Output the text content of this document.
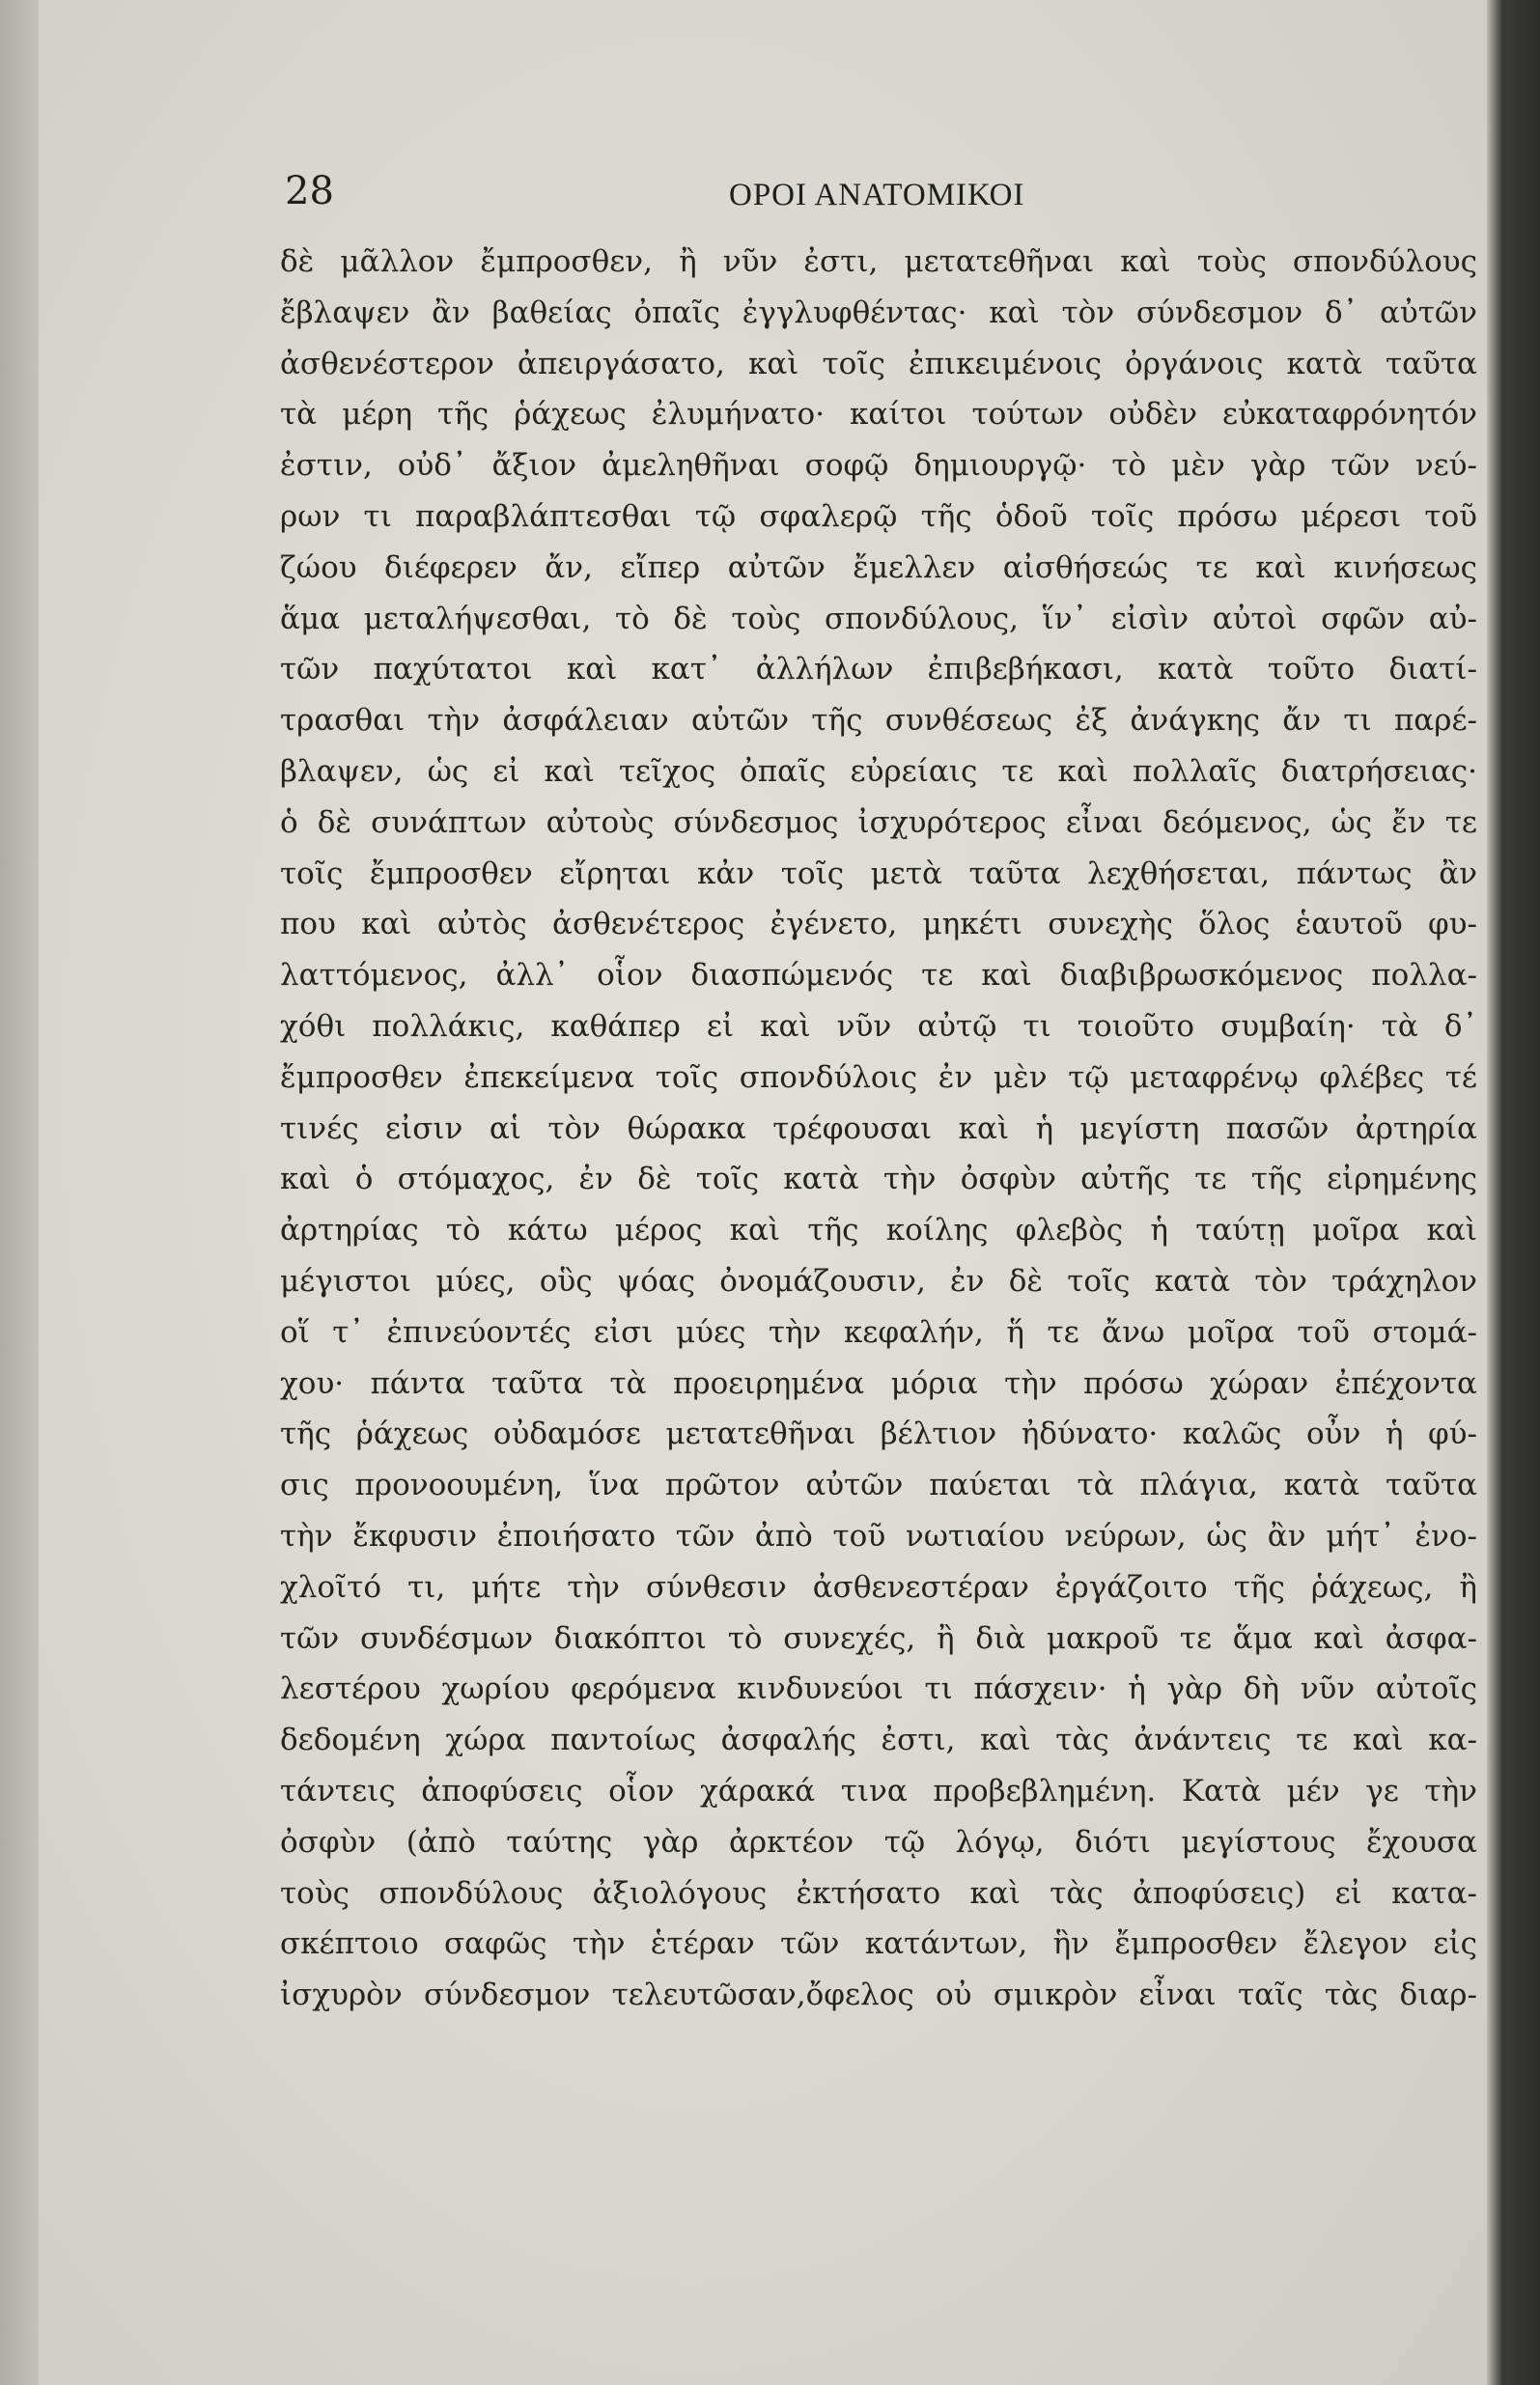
28	ΟΡΟΙ ΑΝΑΤΟΜΙΚΟΙ
δὲ μᾶλλον ἔμπροσθεν, ἢ νῦν ἐστι, μετατεθῆναι καὶ τοὺς σπονδύλους
ἔβλαψεν ἂν βαθείας ὀπαῖς ἐγγλυφθέντας· καὶ τὸν σύνδεσμον δ᾽ αὐτῶν
ἀσθενέστερον ἀπειργάσατο, καὶ τοῖς ἐπικειμένοις ὀργάνοις κατὰ ταῦτα
τὰ μέρη τῆς ῥάχεως ἐλυμήνατο· καίτοι τούτων οὐδὲν εὐκαταφρόνητόν
ἐστιν, οὐδ᾽ ἄξιον ἀμεληθῆναι σοφῷ δημιουργῷ· τὸ μὲν γὰρ τῶν νεύ-
ρων τι παραβλάπτεσθαι τῷ σφαλερῷ τῆς ὁδοῦ τοῖς πρόσω μέρεσι τοῦ
ζώου διέφερεν ἄν, εἴπερ αὐτῶν ἔμελλεν αἰσθήσεώς τε καὶ κινήσεως
ἅμα μεταλήψεσθαι, τὸ δὲ τοὺς σπονδύλους, ἵν᾽ εἰσὶν αὐτοὶ σφῶν αὐ-
τῶν παχύτατοι καὶ κατ᾽ ἀλλήλων ἐπιβεβήκασι, κατὰ τοῦτο διατί-
τρασθαι τὴν ἀσφάλειαν αὐτῶν τῆς συνθέσεως ἐξ ἀνάγκης ἄν τι παρέ-
βλαψεν, ὡς εἰ καὶ τεῖχος ὀπαῖς εὐρείαις τε καὶ πολλαῖς διατρήσειας·
ὁ δὲ συνάπτων αὐτοὺς σύνδεσμος ἰσχυρότερος εἶναι δεόμενος, ὡς ἔν τε
τοῖς ἔμπροσθεν εἴρηται κἀν τοῖς μετὰ ταῦτα λεχθήσεται, πάντως ἂν
που καὶ αὐτὸς ἀσθενέτερος ἐγένετο, μηκέτι συνεχὴς ὅλος ἑαυτοῦ φυ-
λαττόμενος, ἀλλ᾽ οἷον διασπώμενός τε καὶ διαβιβρωσκόμενος πολλα-
χόθι πολλάκις, καθάπερ εἰ καὶ νῦν αὐτῷ τι τοιοῦτο συμβαίη· τὰ δ᾽
ἔμπροσθεν ἐπεκείμενα τοῖς σπονδύλοις ἐν μὲν τῷ μεταφρένῳ φλέβες τέ
τινές εἰσιν αἱ τὸν θώρακα τρέφουσαι καὶ ἡ μεγίστη πασῶν ἀρτηρία
καὶ ὁ στόμαχος, ἐν δὲ τοῖς κατὰ τὴν ὀσφὺν αὐτῆς τε τῆς εἰρημένης
ἀρτηρίας τὸ κάτω μέρος καὶ τῆς κοίλης φλεβὸς ἡ ταύτῃ μοῖρα καὶ
μέγιστοι μύες, οὓς ψόας ὀνομάζουσιν, ἐν δὲ τοῖς κατὰ τὸν τράχηλον
οἵ τ᾽ ἐπινεύοντές εἰσι μύες τὴν κεφαλήν, ἥ τε ἄνω μοῖρα τοῦ στομά-
χου· πάντα ταῦτα τὰ προειρημένα μόρια τὴν πρόσω χώραν ἐπέχοντα
τῆς ῥάχεως οὐδαμόσε μετατεθῆναι βέλτιον ἠδύνατο· καλῶς οὖν ἡ φύ-
σις προνοουμένη, ἵνα πρῶτον αὐτῶν παύεται τὰ πλάγια, κατὰ ταῦτα
τὴν ἔκφυσιν ἐποιήσατο τῶν ἀπὸ τοῦ νωτιαίου νεύρων, ὡς ἂν μήτ᾽ ἐνο-
χλοῖτό τι, μήτε τὴν σύνθεσιν ἀσθενεστέραν ἐργάζοιτο τῆς ῥάχεως, ἢ
τῶν συνδέσμων διακόπτοι τὸ συνεχές, ἢ διὰ μακροῦ τε ἅμα καὶ ἀσφα-
λεστέρου χωρίου φερόμενα κινδυνεύοι τι πάσχειν· ἡ γὰρ δὴ νῦν αὐτοῖς
δεδομένη χώρα παντοίως ἀσφαλής ἐστι, καὶ τὰς ἀνάντεις τε καὶ κα-
τάντεις ἀποφύσεις οἷον χάρακά τινα προβεβλημένη. Κατὰ μέν γε τὴν
ὀσφὺν (ἀπὸ ταύτης γὰρ ἀρκτέον τῷ λόγῳ, διότι μεγίστους ἔχουσα
τοὺς σπονδύλους ἀξιολόγους ἐκτήσατο καὶ τὰς ἀποφύσεις) εἰ κατα-
σκέπτοιο σαφῶς τὴν ἑτέραν τῶν κατάντων, ἣν ἔμπροσθεν ἔλεγον εἰς
ἰσχυρὸν σύνδεσμον τελευτῶσαν,ὄφελος οὐ σμικρὸν εἶναι ταῖς τὰς διαρ-
